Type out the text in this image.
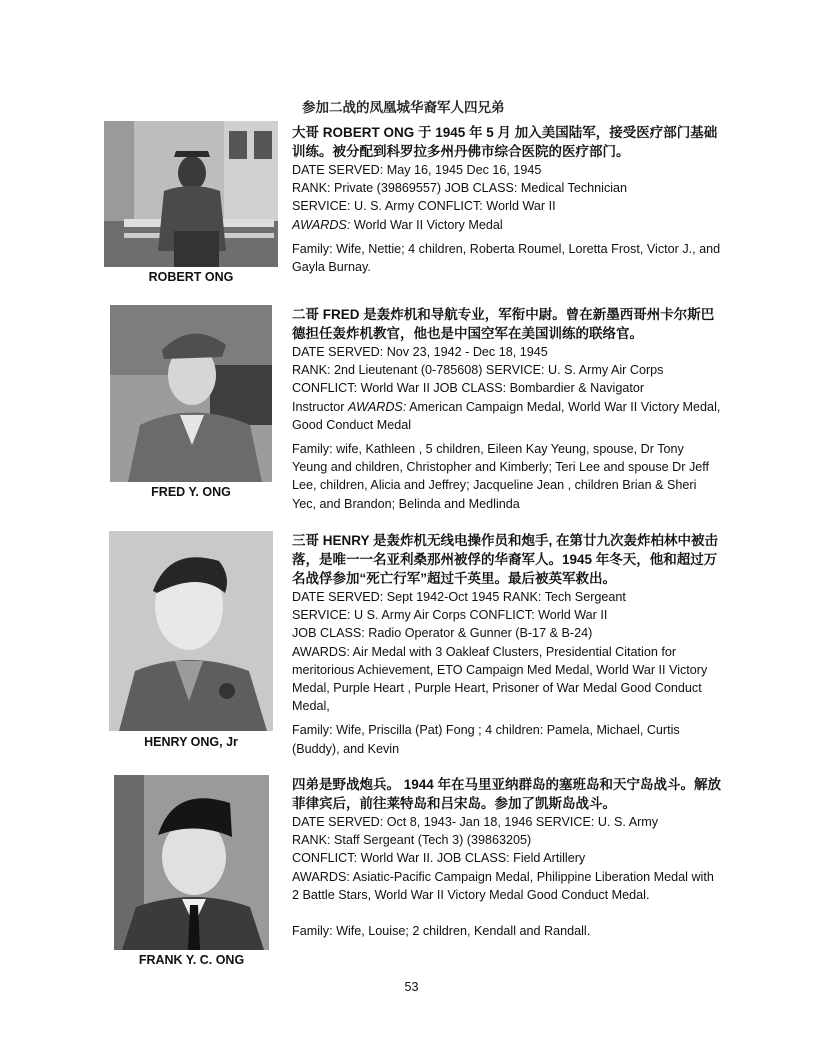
参加二战的凤凰城华裔军人四兄弟
ROBERT ONG

大哥 ROBERT ONG 于 1945 年 5 月 加入美国陆军，接受医疗部门基础训练。被分配到科罗拉多州丹佛市综合医院的医疗部门。

DATE SERVED: May 16, 1945 Dec 16, 1945

RANK: Private (39869557) JOB CLASS: Medical Technician

SERVICE: U. S. Army CONFLICT: World War II

AWARDS: World War II Victory Medal

Family: Wife, Nettie; 4 children, Roberta Roumel, Loretta Frost, Victor J., and Gayla Burnay.

FRED Y. ONG

二哥 FRED 是轰炸机和导航专业，军衔中尉。曾在新墨西哥州卡尔斯巴德担任轰炸机教官，他也是中国空军在美国训练的联络官。

DATE SERVED: Nov 23, 1942 - Dec 18, 1945

RANK: 2nd Lieutenant (0-785608) SERVICE: U. S. Army Air Corps

CONFLICT: World War II JOB CLASS: Bombardier & Navigator

Instructor AWARDS: American Campaign Medal, World War II Victory Medal, Good Conduct Medal

Family: wife, Kathleen , 5 children, Eileen Kay Yeung, spouse, Dr Tony Yeung and children, Christopher and Kimberly; Teri Lee and spouse Dr Jeff Lee, children, Alicia and Jeffrey; Jacqueline Jean , children Brian & Sheri Yec, and Brandon; Belinda and Medlinda

HENRY ONG, Jr

三哥 HENRY 是轰炸机无线电操作员和炮手, 在第廿九次轰炸柏林中被击落，是唯一一名亚利桑那州被俘的华裔军人。1945 年冬天，他和超过万名战俘参加“死亡行军”超过千英里。最后被英军救出。

DATE SERVED: Sept 1942-Oct 1945 RANK: Tech Sergeant

SERVICE: U S. Army Air Corps CONFLICT: World War II

JOB CLASS: Radio Operator & Gunner (B-17 & B-24)

AWARDS: Air Medal with 3 Oakleaf Clusters, Presidential Citation for meritorious Achievement, ETO Campaign Med Medal, World War II Victory Medal, Purple Heart , Purple Heart, Prisoner of War Medal Good Conduct Medal,

Family: Wife, Priscilla (Pat) Fong ; 4 children: Pamela, Michael, Curtis (Buddy), and Kevin

FRANK Y. C. ONG

四弟是野战炮兵。 1944 年在马里亚纳群岛的塞班岛和天宁岛战斗。解放菲律宾后，前往莱特岛和吕宋岛。参加了凯斯岛战斗。

DATE SERVED: Oct 8, 1943- Jan 18, 1946 SERVICE: U. S. Army

RANK: Staff Sergeant (Tech 3) (39863205)

CONFLICT: World War II. JOB CLASS: Field Artillery

AWARDS: Asiatic-Pacific Campaign Medal, Philippine Liberation Medal with 2 Battle Stars, World War II Victory Medal Good Conduct Medal.

Family: Wife, Louise; 2 children, Kendall and Randall.

53
